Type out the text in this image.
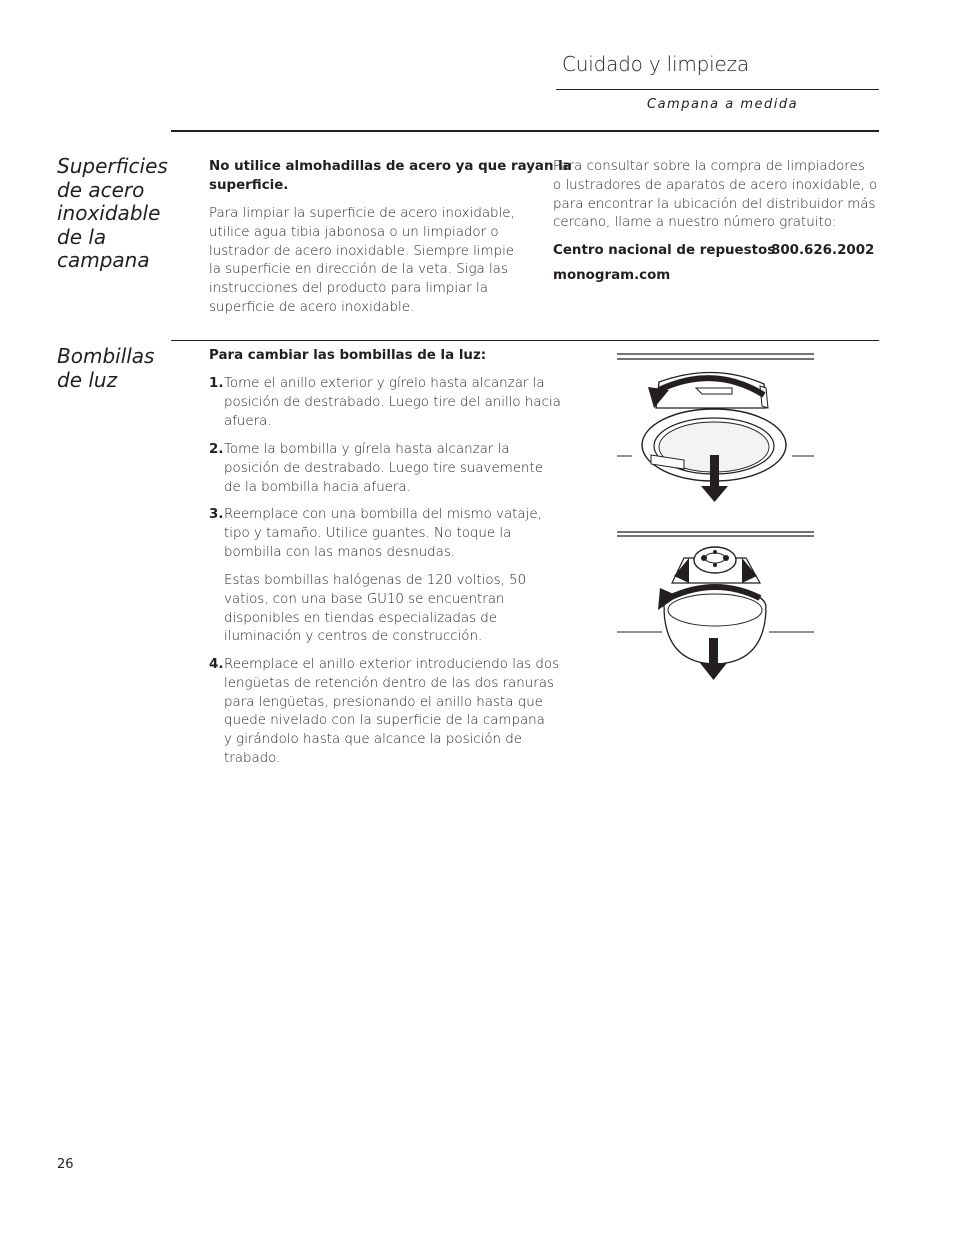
Cuidado y limpieza
Campana a medida
Superficies
de acero
inoxidable
de la
campana
No utilice almohadillas de acero ya que rayan la
superficie.
Para limpiar la superficie de acero inoxidable,
utilice agua tibia jabonosa o un limpiador o
lustrador de acero inoxidable. Siempre limpie
la superficie en dirección de la veta. Siga las
instrucciones del producto para limpiar la
superficie de acero inoxidable.
Para consultar sobre la compra de limpiadores
o lustradores de aparatos de acero inoxidable, o
para encontrar la ubicación del distribuidor más
cercano, llame a nuestro número gratuito:
Centro nacional de repuestos
800.626.2002
monogram.com
Bombillas
de luz
Para cambiar las bombillas de la luz:
1. Tome el anillo exterior y gírelo hasta alcanzar la
posición de destrabado. Luego tire del anillo hacia
afuera.
2. Tome la bombilla y gírela hasta alcanzar la
posición de destrabado. Luego tire suavemente
de la bombilla hacia afuera.
3. Reemplace con una bombilla del mismo vataje,
tipo y tamaño. Utilice guantes. No toque la
bombilla con las manos desnudas.
Estas bombillas halógenas de 120 voltios, 50
vatios, con una base GU10 se encuentran
disponibles en tiendas especializadas de
iluminación y centros de construcción.
4. Reemplace el anillo exterior introduciendo las dos
lengüetas de retención dentro de las dos ranuras
para lengüetas, presionando el anillo hasta que
quede nivelado con la superficie de la campana
y girándolo hasta que alcance la posición de
trabado.
26
